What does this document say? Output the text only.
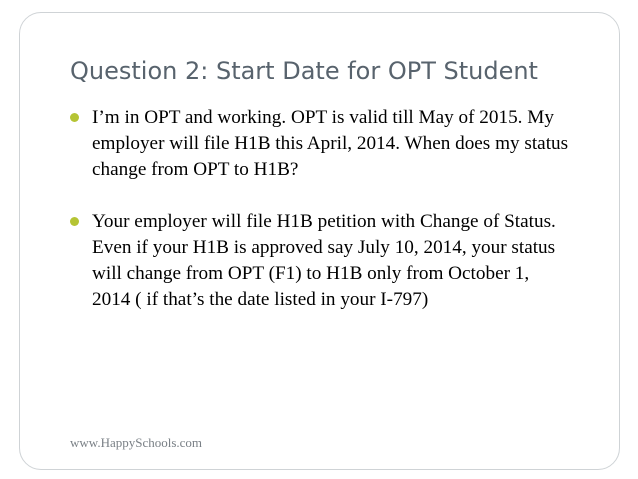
Question 2: Start Date for OPT Student
I’m in OPT and working. OPT is valid till May of 2015. My
employer will file H1B this April, 2014. When does my status
change from OPT to H1B?
Your employer will file H1B petition with Change of Status.
Even if your H1B is approved say July 10, 2014, your status
will change from OPT (F1) to H1B only from October 1,
2014 ( if that’s the date listed in your I-797)
www.HappySchools.com
